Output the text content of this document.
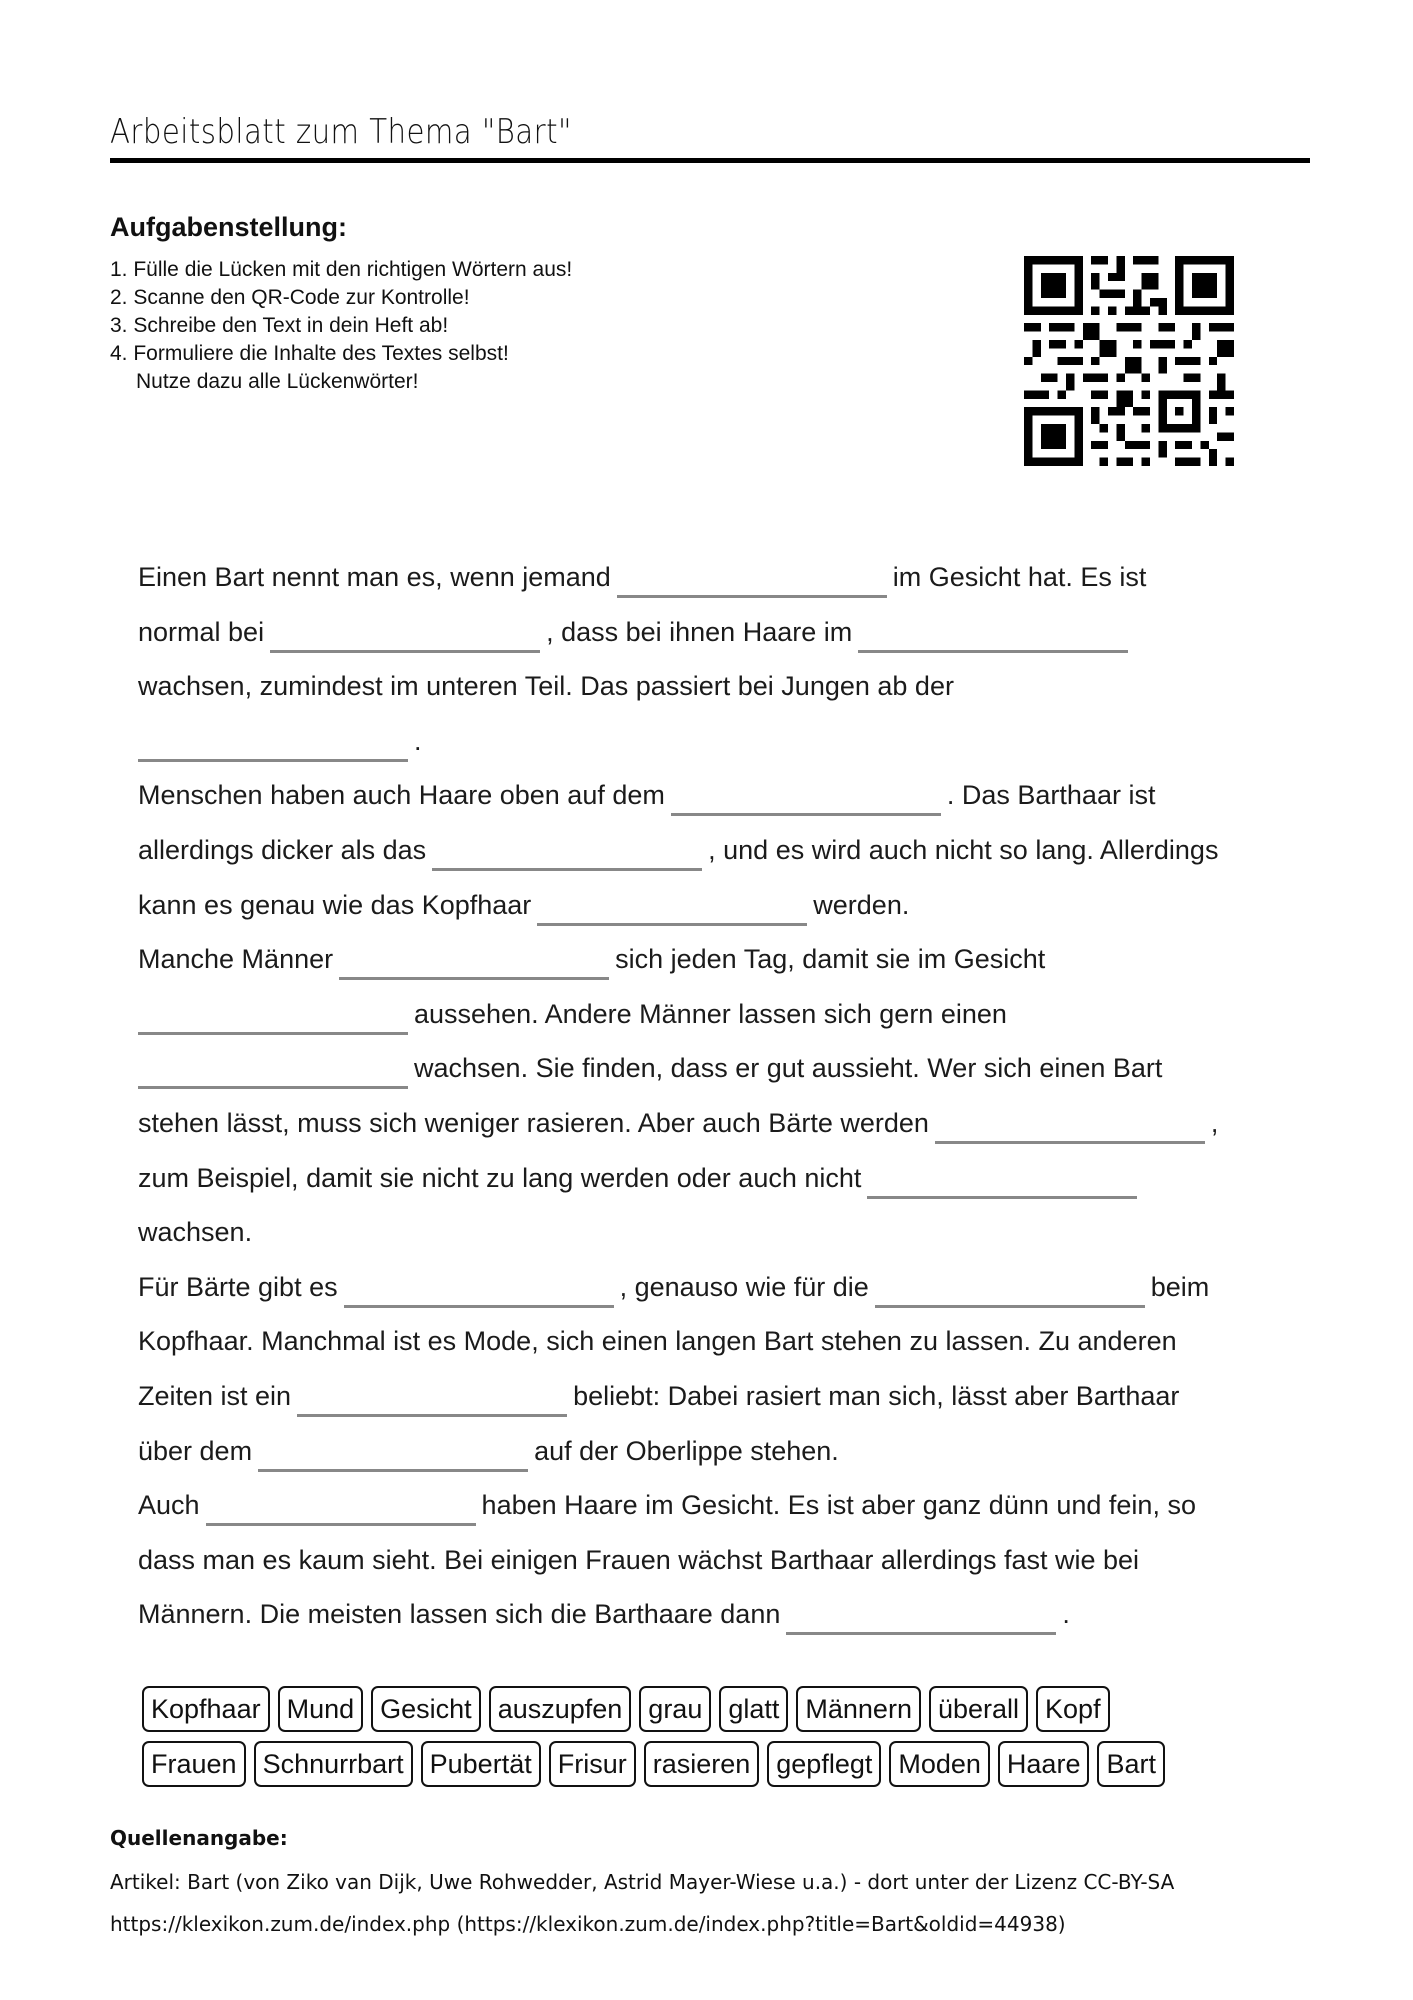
Arbeitsblatt zum Thema "Bart"
Aufgabenstellung:
1. Fülle die Lücken mit den richtigen Wörtern aus!
2. Scanne den QR-Code zur Kontrolle!
3. Schreibe den Text in dein Heft ab!
4. Formuliere die Inhalte des Textes selbst!
Nutze dazu alle Lückenwörter!
Einen Bart nennt man es, wenn jemand	im Gesicht hat. Es ist
normal bei	, dass bei ihnen Haare im
wachsen, zumindest im unteren Teil. Das passiert bei Jungen ab der
.
Menschen haben auch Haare oben auf dem	. Das Barthaar ist
allerdings dicker als das	, und es wird auch nicht so lang. Allerdings
kann es genau wie das Kopfhaar	werden.
Manche Männer	sich jeden Tag, damit sie im Gesicht
aussehen. Andere Männer lassen sich gern einen
wachsen. Sie finden, dass er gut aussieht. Wer sich einen Bart
stehen lässt, muss sich weniger rasieren. Aber auch Bärte werden	,
zum Beispiel, damit sie nicht zu lang werden oder auch nicht
wachsen.
Für Bärte gibt es	, genauso wie für die	beim
Kopfhaar. Manchmal ist es Mode, sich einen langen Bart stehen zu lassen. Zu anderen
Zeiten ist ein	beliebt: Dabei rasiert man sich, lässt aber Barthaar
über dem	auf der Oberlippe stehen.
Auch	haben Haare im Gesicht. Es ist aber ganz dünn und fein, so
dass man es kaum sieht. Bei einigen Frauen wächst Barthaar allerdings fast wie bei
Männern. Die meisten lassen sich die Barthaare dann	.
Kopfhaar Mund Gesicht auszupfen grau glatt Männern überall Kopf
Frauen Schnurrbart Pubertät Frisur rasieren gepflegt Moden Haare Bart
Quellenangabe:
Artikel: Bart (von Ziko van Dijk, Uwe Rohwedder, Astrid Mayer-Wiese u.a.) - dort unter der Lizenz CC-BY-SA
https://klexikon.zum.de/index.php (https://klexikon.zum.de/index.php?title=Bart&oldid=44938)
